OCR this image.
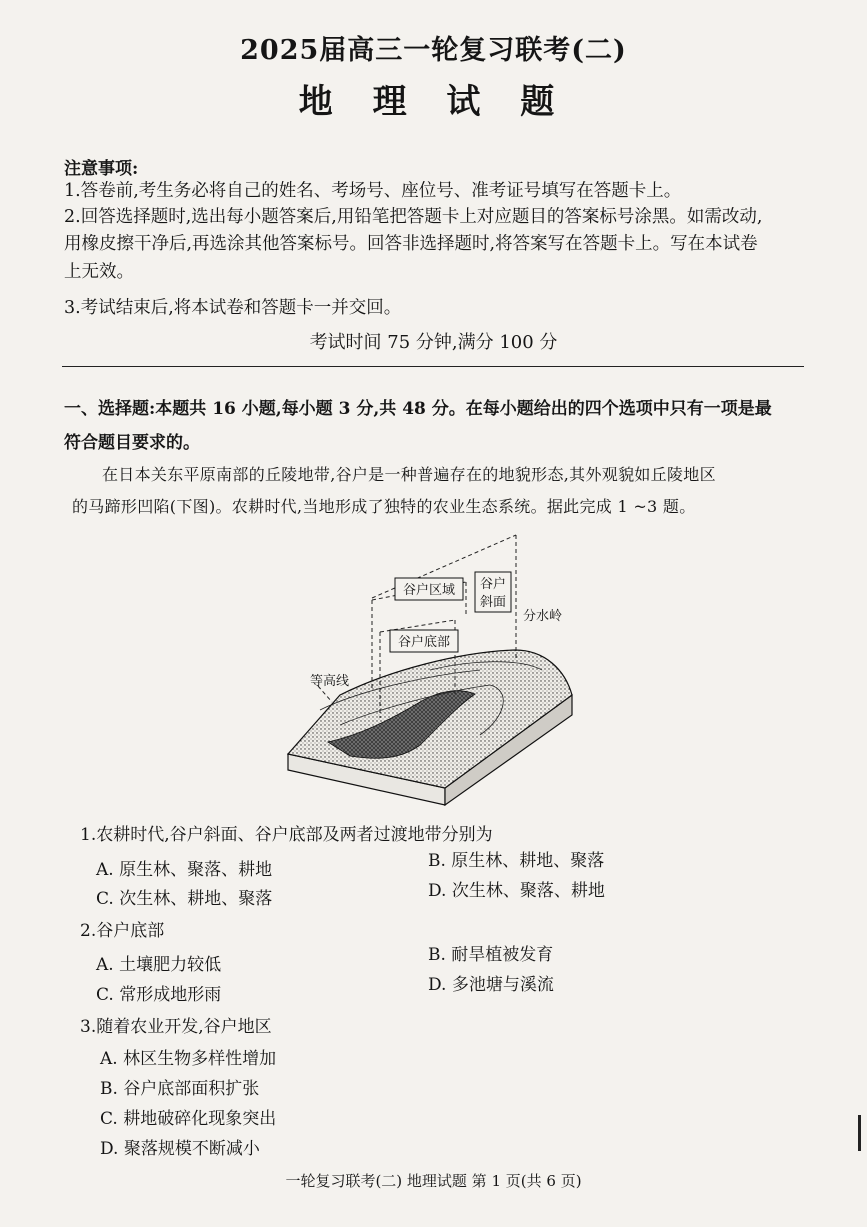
2025届高三一轮复习联考(二)
地 理 试 题
注意事项:
1.答卷前,考生务必将自己的姓名、考场号、座位号、准考证号填写在答题卡上。
2.回答选择题时,选出每小题答案后,用铅笔把答题卡上对应题目的答案标号涂黑。如需改动,
用橡皮擦干净后,再选涂其他答案标号。回答非选择题时,将答案写在答题卡上。写在本试卷
上无效。
3.考试结束后,将本试卷和答题卡一并交回。
考试时间 75 分钟,满分 100 分
一、选择题:本题共 16 小题,每小题 3 分,共 48 分。在每小题给出的四个选项中只有一项是最
符合题目要求的。
在日本关东平原南部的丘陵地带,谷户是一种普遍存在的地貌形态,其外观貌如丘陵地区
的马蹄形凹陷(下图)。农耕时代,当地形成了独特的农业生态系统。据此完成 1 ~3 题。
谷户区域 谷户
斜面
分水岭
谷户底部
等高线
1.农耕时代,谷户斜面、谷户底部及两者过渡地带分别为
A. 原生林、聚落、耕地	B. 原生林、耕地、聚落
C. 次生林、耕地、聚落	D. 次生林、聚落、耕地
2.谷户底部
A. 土壤肥力较低	B. 耐旱植被发育
C. 常形成地形雨	D. 多池塘与溪流
3.随着农业开发,谷户地区
A. 林区生物多样性增加
B. 谷户底部面积扩张
C. 耕地破碎化现象突出
D. 聚落规模不断减小
一轮复习联考(二) 地理试题 第 1 页(共 6 页)
